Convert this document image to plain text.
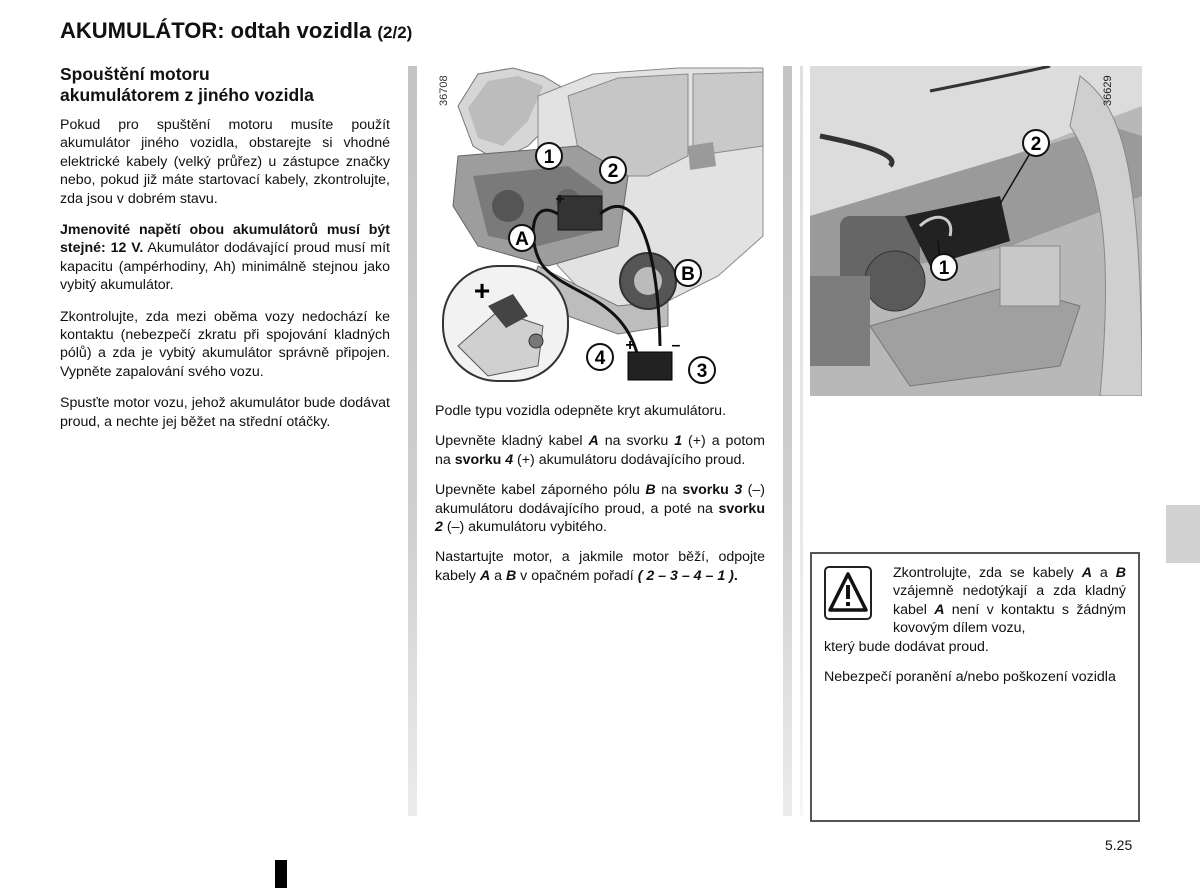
AKUMULÁTOR: odtah vozidla (2/2)
Spouštění motoru
akumulátorem z jiného vozidla

Pokud pro spuštění motoru musíte použít akumulátor jiného vozidla, obstarejte si vhodné elektrické kabely (velký průřez) u zástupce značky nebo, pokud již máte startovací kabely, zkontrolujte, zda jsou v dobrém stavu.

Jmenovité napětí obou akumulátorů musí být stejné: 12 V. Akumulátor dodávající proud musí mít kapacitu (ampérhodiny, Ah) minimálně stejnou jako vybitý akumulátor.

Zkontrolujte, zda mezi oběma vozy nedochází ke kontaktu (nebezpečí zkratu při spojování kladných pólů) a zda je vybitý akumulátor správně připojen. Vypněte zapalování svého vozu.

Spusťte motor vozu, jehož akumulátor bude dodávat proud, a nechte jej běžet na střední otáčky.

1
2
A
B
4
3
+
+ –
+
36708
1
2
36629

Podle typu vozidla odepněte kryt akumulátoru.

Upevněte kladný kabel A na svorku 1 (+) a potom na svorku 4 (+) akumulátoru dodávajícího proud.

Upevněte kabel záporného pólu B na svorku 3 (–) akumulátoru dodávajícího proud, a poté na svorku 2 (–) akumulátoru vybitého.

Nastartujte motor, a jakmile motor běží, odpojte kabely A a B v opačném pořadí ( 2 – 3 – 4 – 1 ).	Zkontrolujte, zda se kabely A a B vzájemně nedotýkají a zda kladný kabel A není v kontaktu s žádným kovovým dílem vozu,

který bude dodávat proud.

Nebezpečí poranění a/nebo poškození vozidla

5.25
